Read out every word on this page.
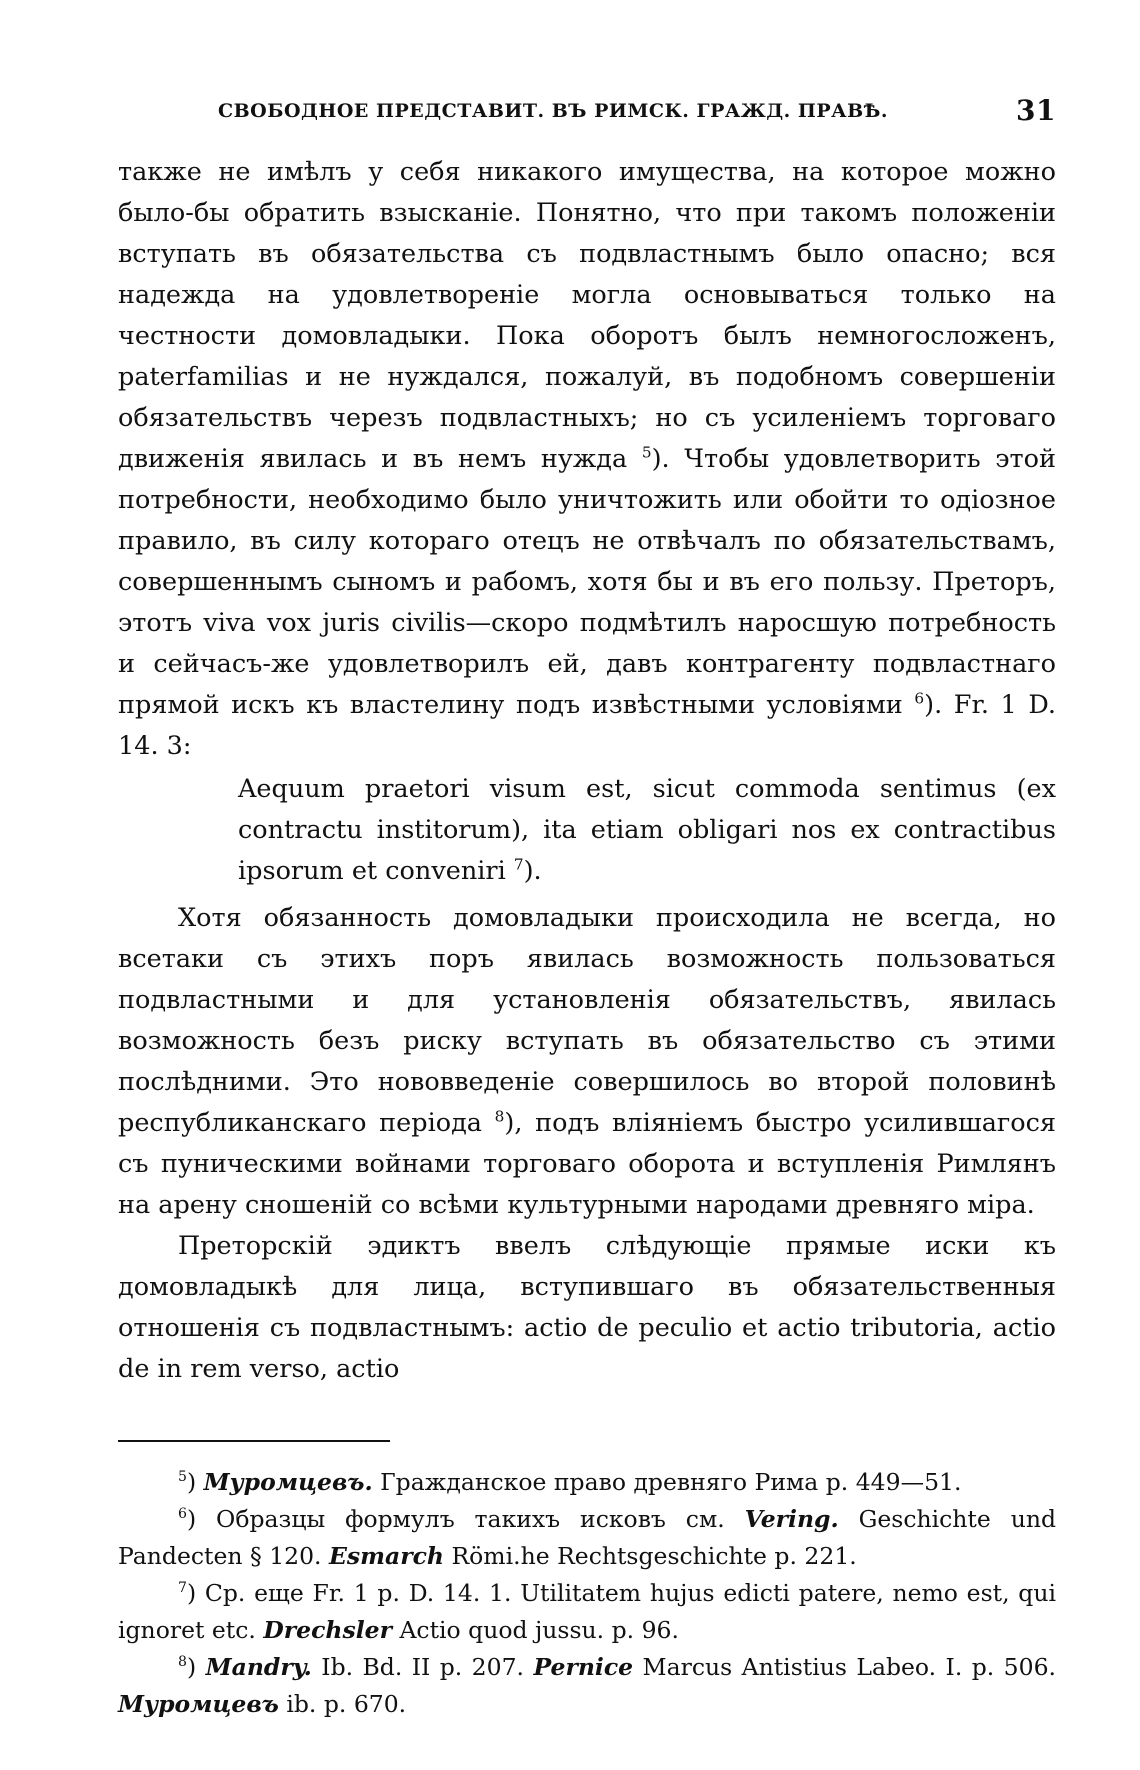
СВОБОДНОЕ ПРЕДСТАВИТ. ВЪ РИМСК. ГРАЖД. ПРАВѢ.	31

также не имѣлъ у себя никакого имущества, на которое можно было-бы обратить взысканіе. Понятно, что при такомъ положеніи вступать въ обязательства съ подвластнымъ было опасно; вся надежда на удовлетвореніе могла основываться только на честности домовладыки. Пока оборотъ былъ немногосложенъ, paterfamilias и не нуждался, пожалуй, въ подобномъ совершеніи обязательствъ черезъ подвластныхъ; но съ усиленіемъ торговаго движенія явилась и въ немъ нужда $^5$). Чтобы удовлетворить этой потребности, необходимо было уничтожить или обойти то одіозное правило, въ силу котораго отецъ не отвѣчалъ по обязательствамъ, совершеннымъ сыномъ и рабомъ, хотя бы и въ его пользу. Преторъ, этотъ viva vox juris civilis—скоро подмѣтилъ наросшую потребность и сейчасъ-же удовлетворилъ ей, давъ контрагенту подвластнаго прямой искъ къ властелину подъ извѣстными условіями $^6$). Fr. 1 D. 14. 3:

Aequum praetori visum est, sicut commoda sentimus (ex contractu institorum), ita etiam obligari nos ex contractibus ipsorum et conveniri $^7$).

Хотя обязанность домовладыки происходила не всегда, но всетаки съ этихъ поръ явилась возможность пользоваться подвластными и для установленія обязательствъ, явилась возможность безъ риску вступать въ обязательство съ этими послѣдними. Это нововведеніе совершилось во второй половинѣ республиканскаго періода $^8$), подъ вліяніемъ быстро усилившагося съ пуническими войнами торговаго оборота и вступленія Римлянъ на арену сношеній со всѣми культурными народами древняго міра.

Преторскій эдиктъ ввелъ слѣдующіе прямые иски къ домовладыкѣ для лица, вступившаго въ обязательственныя отношенія съ подвластнымъ: actio de peculio et actio tributoria, actio de in rem verso, actio

$^5$) Муромцевъ. Гражданское право древняго Рима р. 449—51.

$^6$) Образцы формулъ такихъ исковъ см. Vering. Geschichte und Pandecten § 120. Esmarch Römi.he Rechtsgeschichte p. 221.

$^7$) Ср. еще Fr. 1 p. D. 14. 1. Utilitatem hujus edicti patere, nemo est, qui ignoret etc. Drechsler Actio quod jussu. p. 96.

$^8$) Mandry. Ib. Bd. II p. 207. Pernice Marcus Antistius Labeo. I. p. 506. Муромцевъ ib. p. 670.
